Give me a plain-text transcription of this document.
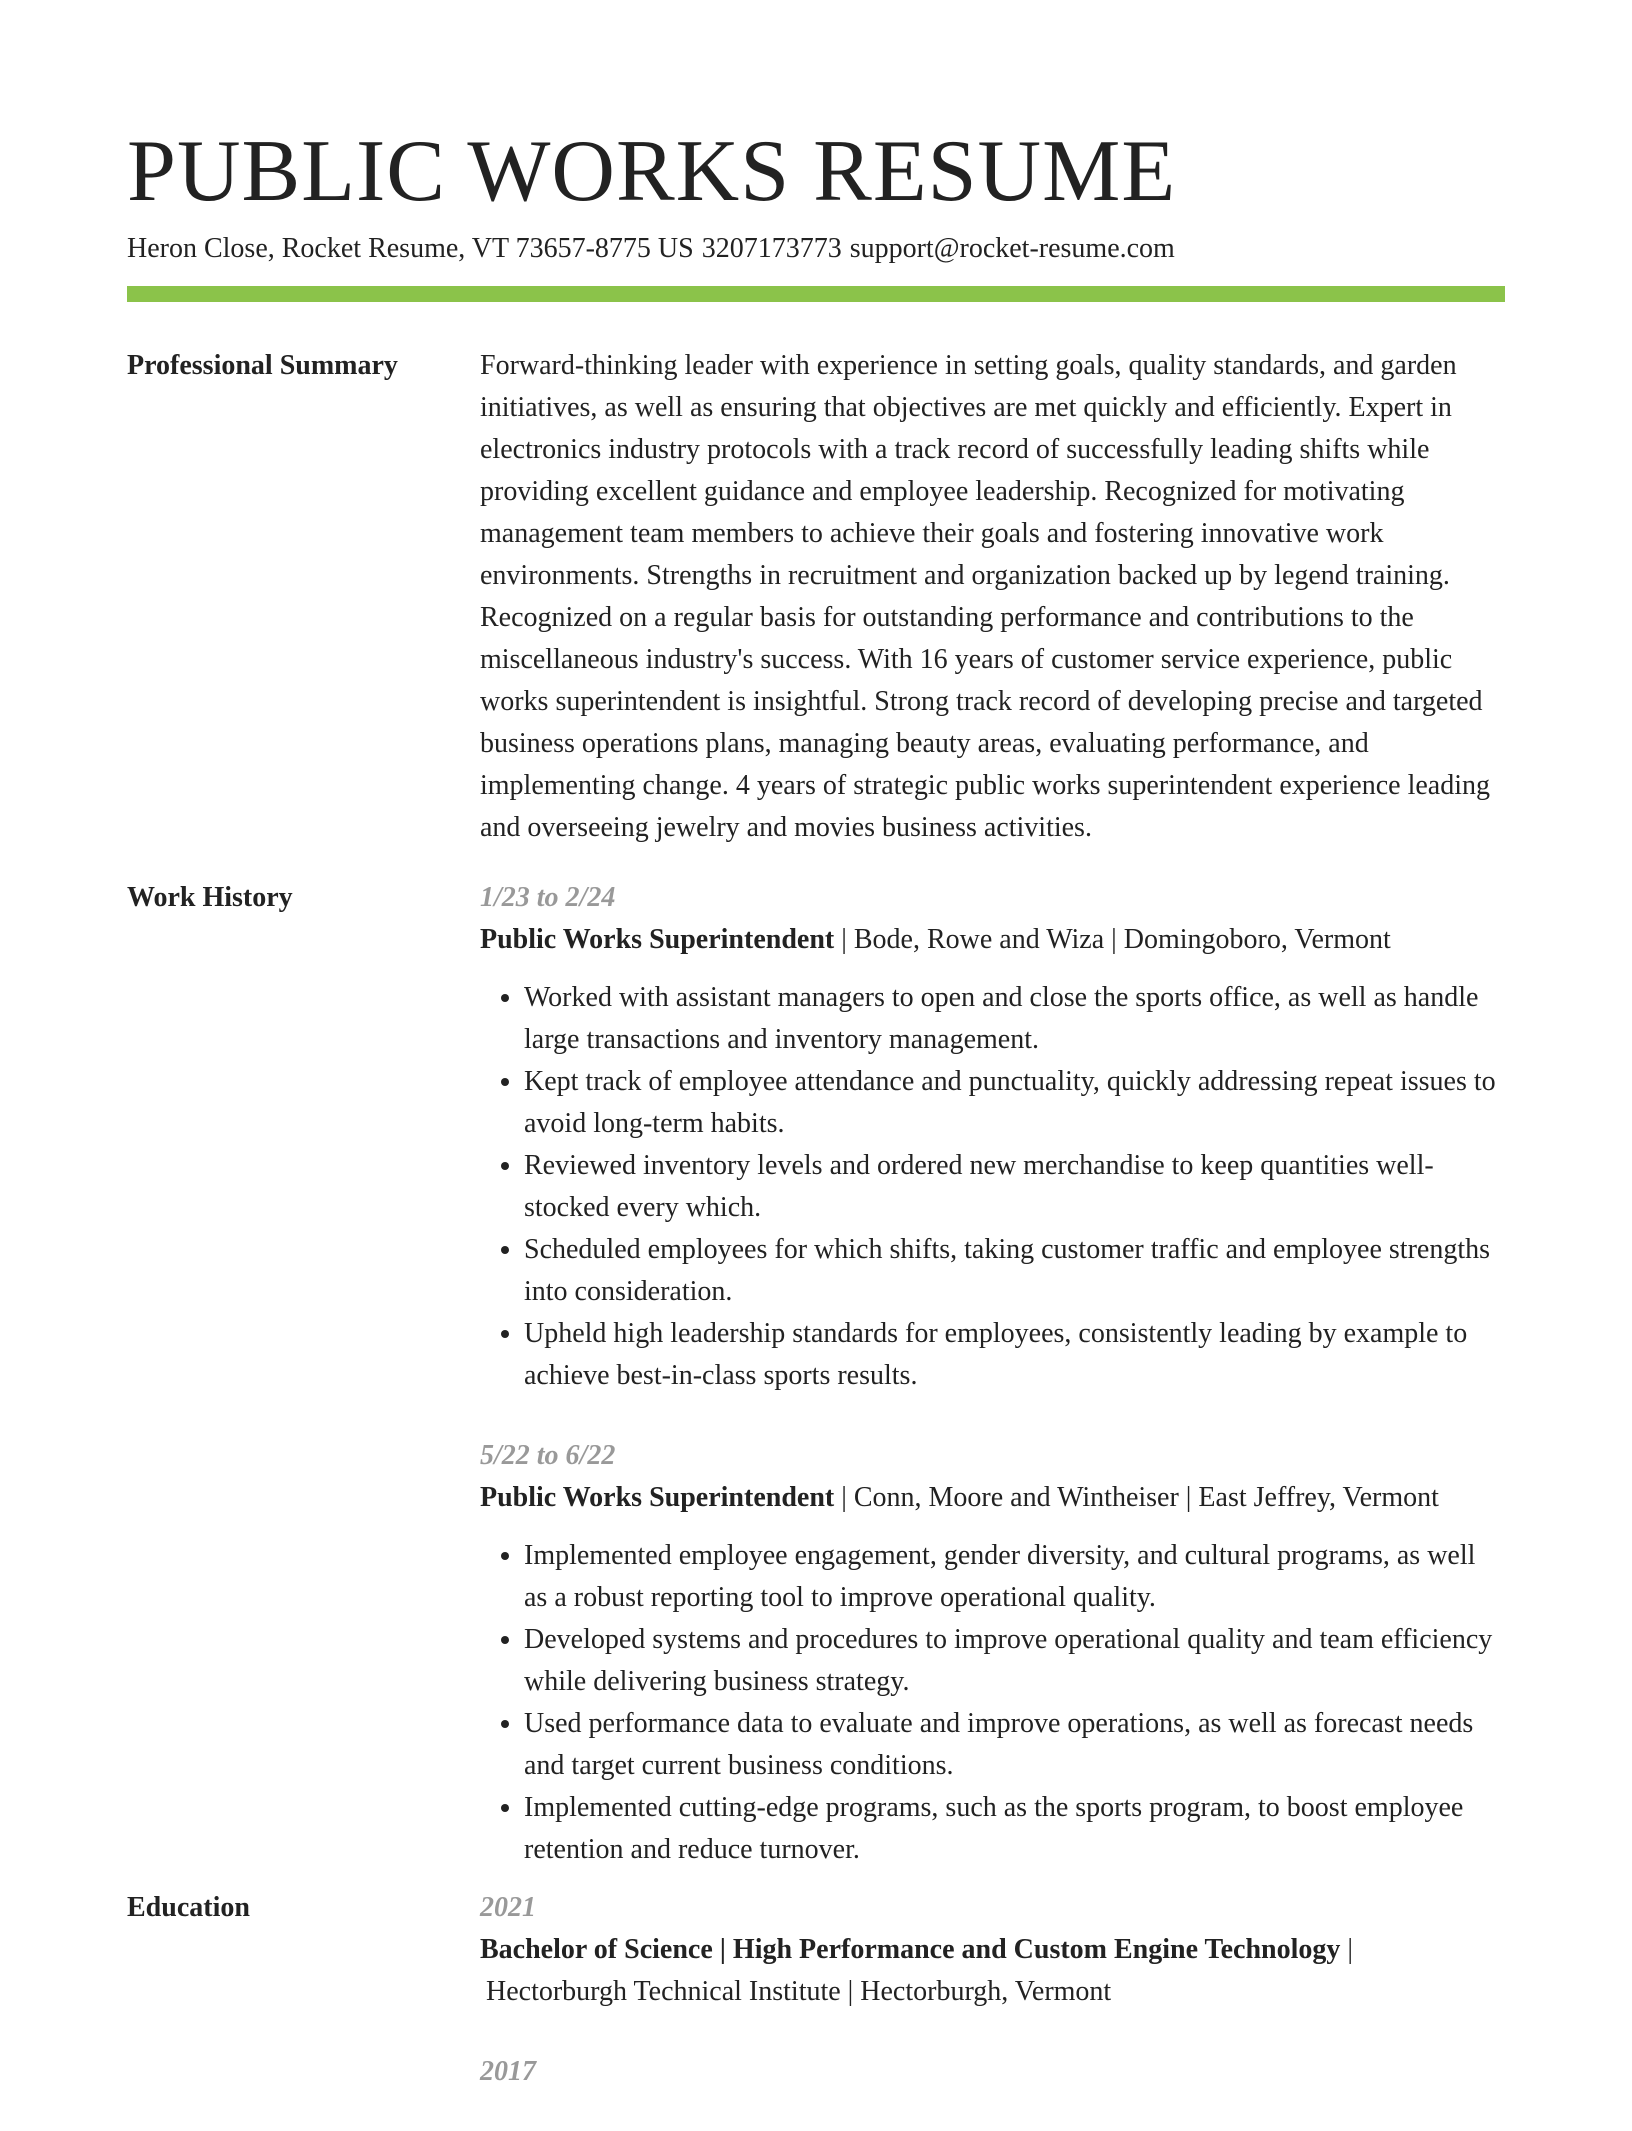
PUBLIC WORKS RESUME
Heron Close, Rocket Resume, VT 73657-8775 US 3207173773 support@rocket-resume.com
Professional Summary	Forward-thinking leader with experience in setting goals, quality standards, and garden initiatives, as well as ensuring that objectives are met quickly and efficiently. Expert in electronics industry protocols with a track record of successfully leading shifts while providing excellent guidance and employee leadership. Recognized for motivating management team members to achieve their goals and fostering innovative work environments. Strengths in recruitment and organization backed up by legend training. Recognized on a regular basis for outstanding performance and contributions to the miscellaneous industry's success. With 16 years of customer service experience, public works superintendent is insightful. Strong track record of developing precise and targeted business operations plans, managing beauty areas, evaluating performance, and implementing change. 4 years of strategic public works superintendent experience leading and overseeing jewelry and movies business activities.

Work History	1/23 to 2/24
Public Works Superintendent | Bode, Rowe and Wiza | Domingoboro, Vermont
• Worked with assistant managers to open and close the sports office, as well as handle large transactions and inventory management.
• Kept track of employee attendance and punctuality, quickly addressing repeat issues to avoid long-term habits.
• Reviewed inventory levels and ordered new merchandise to keep quantities well-stocked every which.
• Scheduled employees for which shifts, taking customer traffic and employee strengths into consideration.
• Upheld high leadership standards for employees, consistently leading by example to achieve best-in-class sports results.
5/22 to 6/22
Public Works Superintendent | Conn, Moore and Wintheiser | East Jeffrey, Vermont
• Implemented employee engagement, gender diversity, and cultural programs, as well as a robust reporting tool to improve operational quality.
• Developed systems and procedures to improve operational quality and team efficiency while delivering business strategy.
• Used performance data to evaluate and improve operations, as well as forecast needs and target current business conditions.
• Implemented cutting-edge programs, such as the sports program, to boost employee retention and reduce turnover.
Education	2021
Bachelor of Science | High Performance and Custom Engine Technology |
Hectorburgh Technical Institute | Hectorburgh, Vermont
2017
